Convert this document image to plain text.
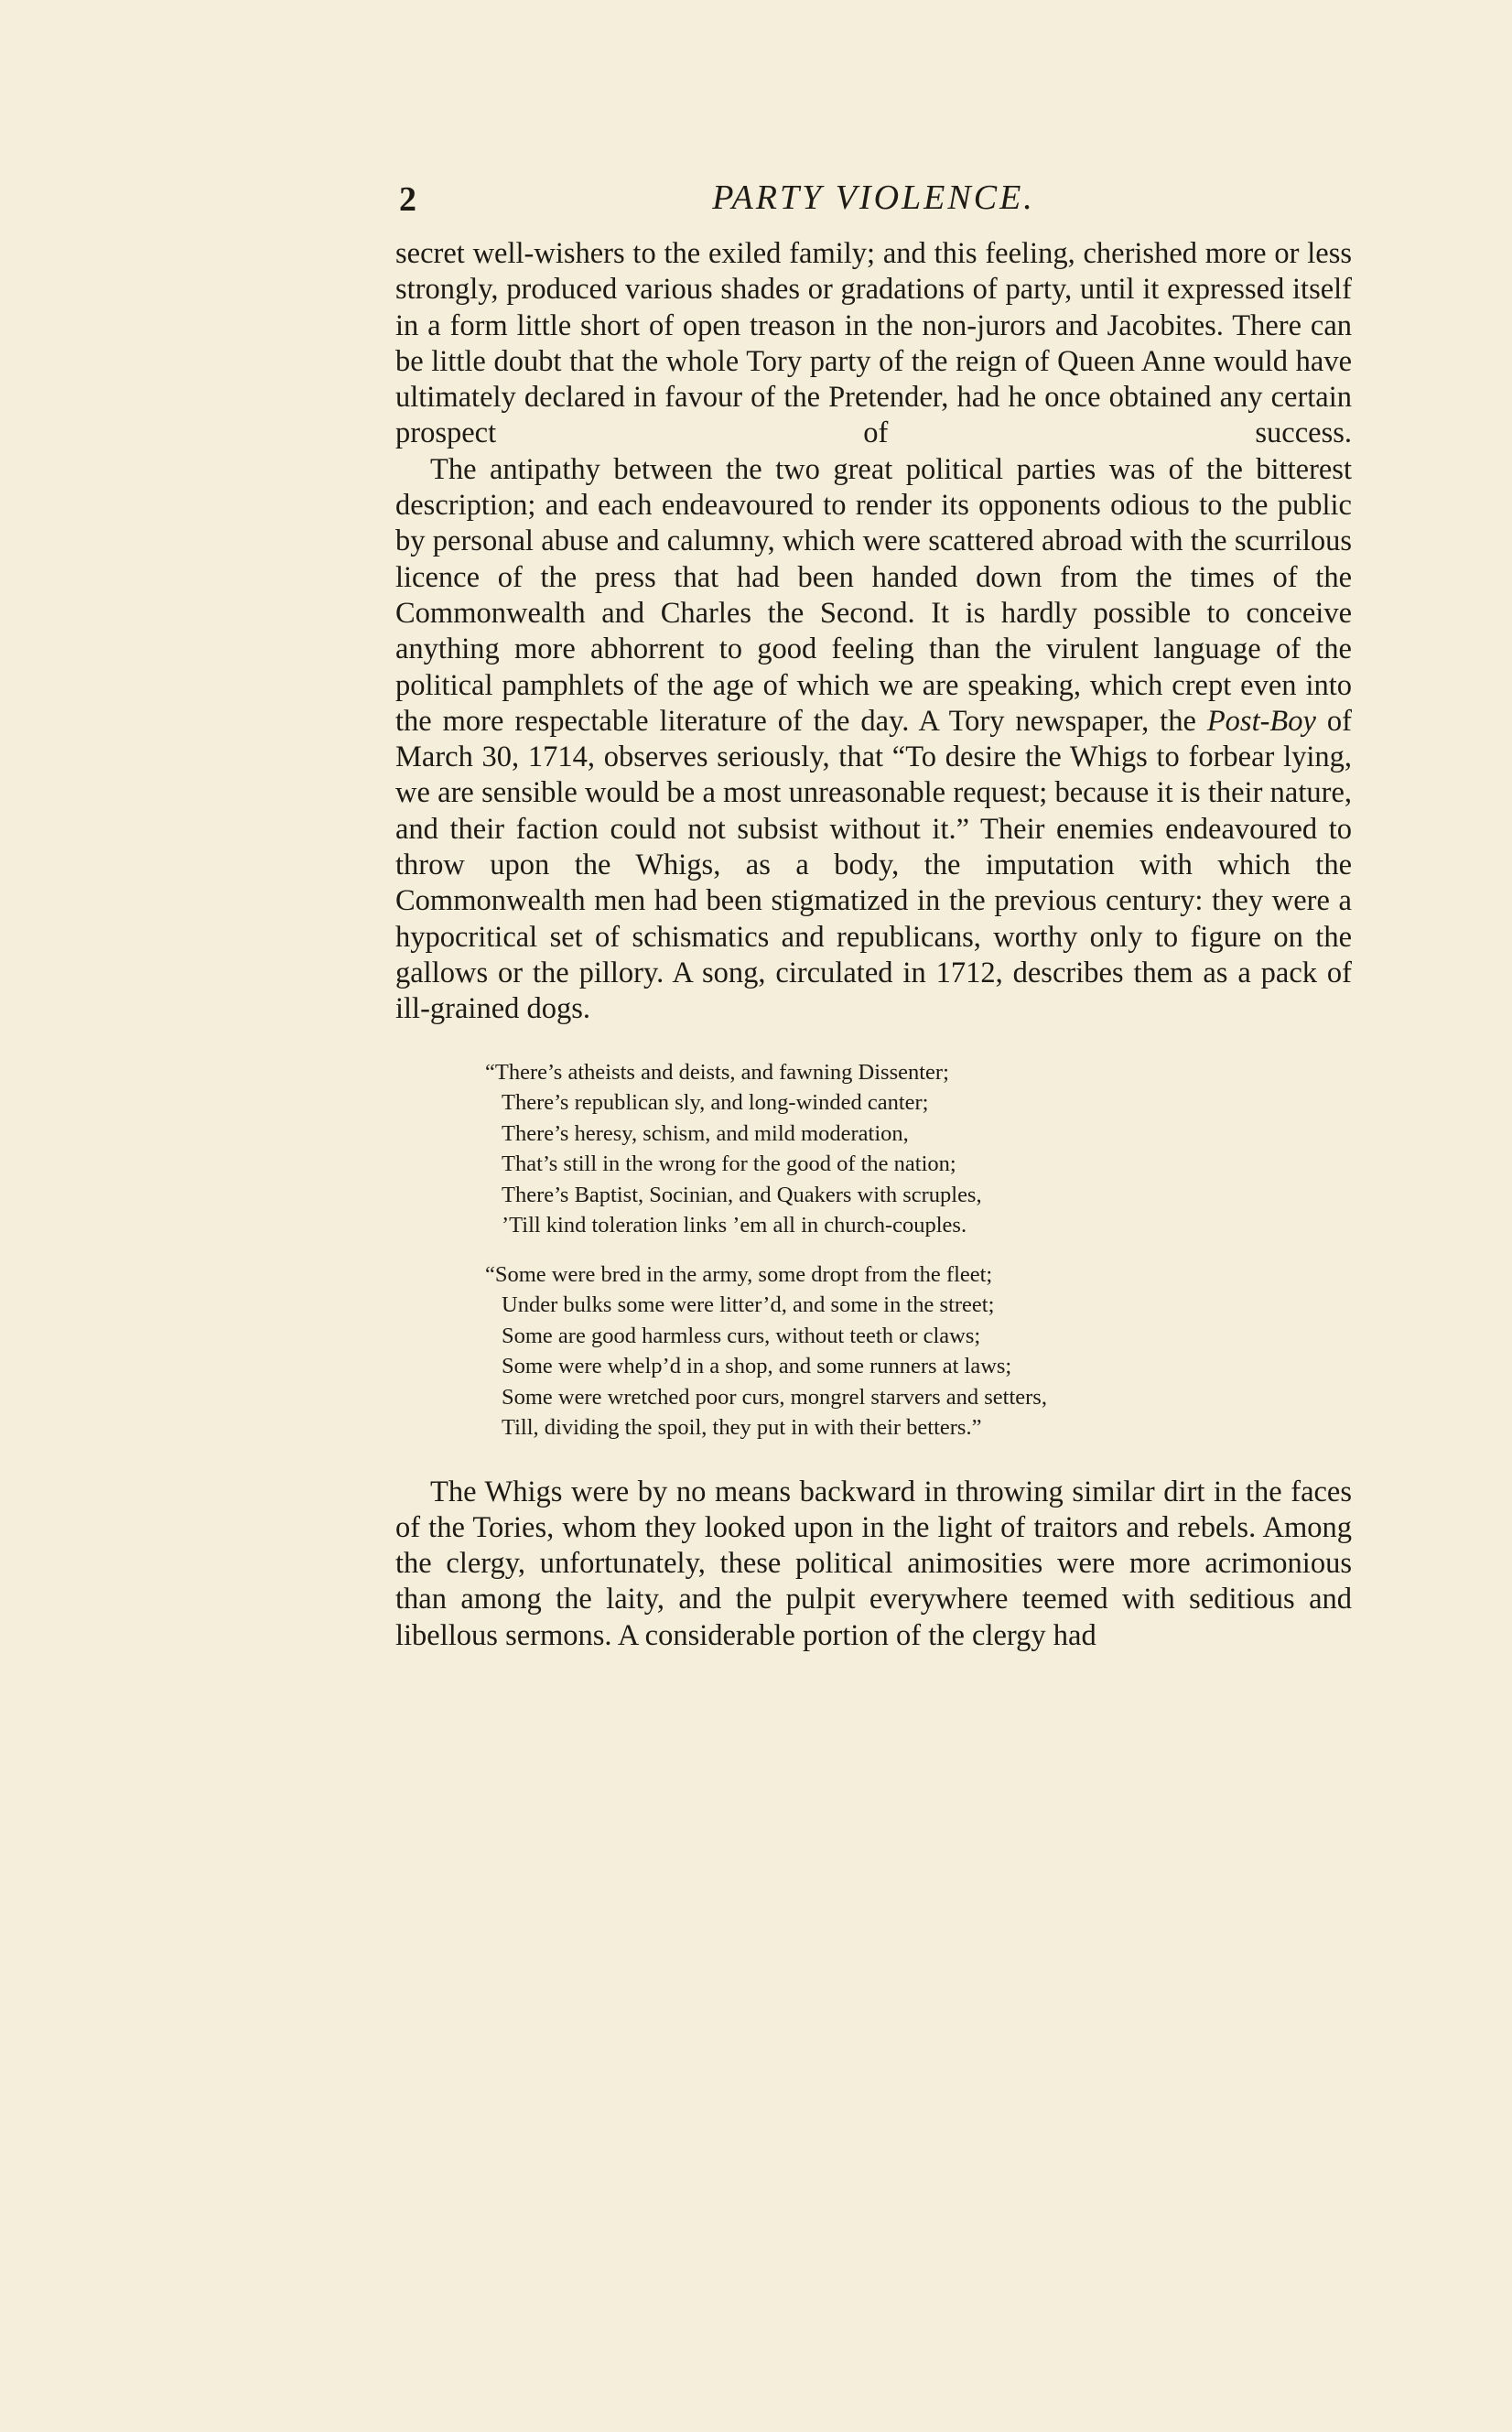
2	PARTY VIOLENCE.

secret well-wishers to the exiled family; and this feeling, cherished more or less strongly, produced various shades or gradations of party, until it expressed itself in a form little short of open treason in the non-jurors and Jacobites. There can be little doubt that the whole Tory party of the reign of Queen Anne would have ultimately declared in favour of the Pretender, had he once obtained any certain prospect of success.

The antipathy between the two great political parties was of the bitterest description; and each endeavoured to render its opponents odious to the public by personal abuse and calumny, which were scattered abroad with the scurrilous licence of the press that had been handed down from the times of the Commonwealth and Charles the Second. It is hardly possible to conceive anything more abhorrent to good feeling than the virulent language of the political pamphlets of the age of which we are speaking, which crept even into the more respectable literature of the day. A Tory newspaper, the Post-Boy of March 30, 1714, observes seriously, that “To desire the Whigs to forbear lying, we are sensible would be a most unreasonable request; because it is their nature, and their faction could not subsist without it.” Their enemies endeavoured to throw upon the Whigs, as a body, the imputation with which the Commonwealth men had been stigmatized in the previous century: they were a hypocritical set of schismatics and republicans, worthy only to figure on the gallows or the pillory. A song, circulated in 1712, describes them as a pack of ill-grained dogs.

“There’s atheists and deists, and fawning Dissenter;
There’s republican sly, and long-winded canter;
There’s heresy, schism, and mild moderation,
That’s still in the wrong for the good of the nation;
There’s Baptist, Socinian, and Quakers with scruples,
’Till kind toleration links ’em all in church-couples.
“Some were bred in the army, some dropt from the fleet;
Under bulks some were litter’d, and some in the street;
Some are good harmless curs, without teeth or claws;
Some were whelp’d in a shop, and some runners at laws;
Some were wretched poor curs, mongrel starvers and setters,
Till, dividing the spoil, they put in with their betters.”

The Whigs were by no means backward in throwing similar dirt in the faces of the Tories, whom they looked upon in the light of traitors and rebels. Among the clergy, unfortunately, these political animosities were more acrimonious than among the laity, and the pulpit everywhere teemed with seditious and libellous sermons. A considerable portion of the clergy had
